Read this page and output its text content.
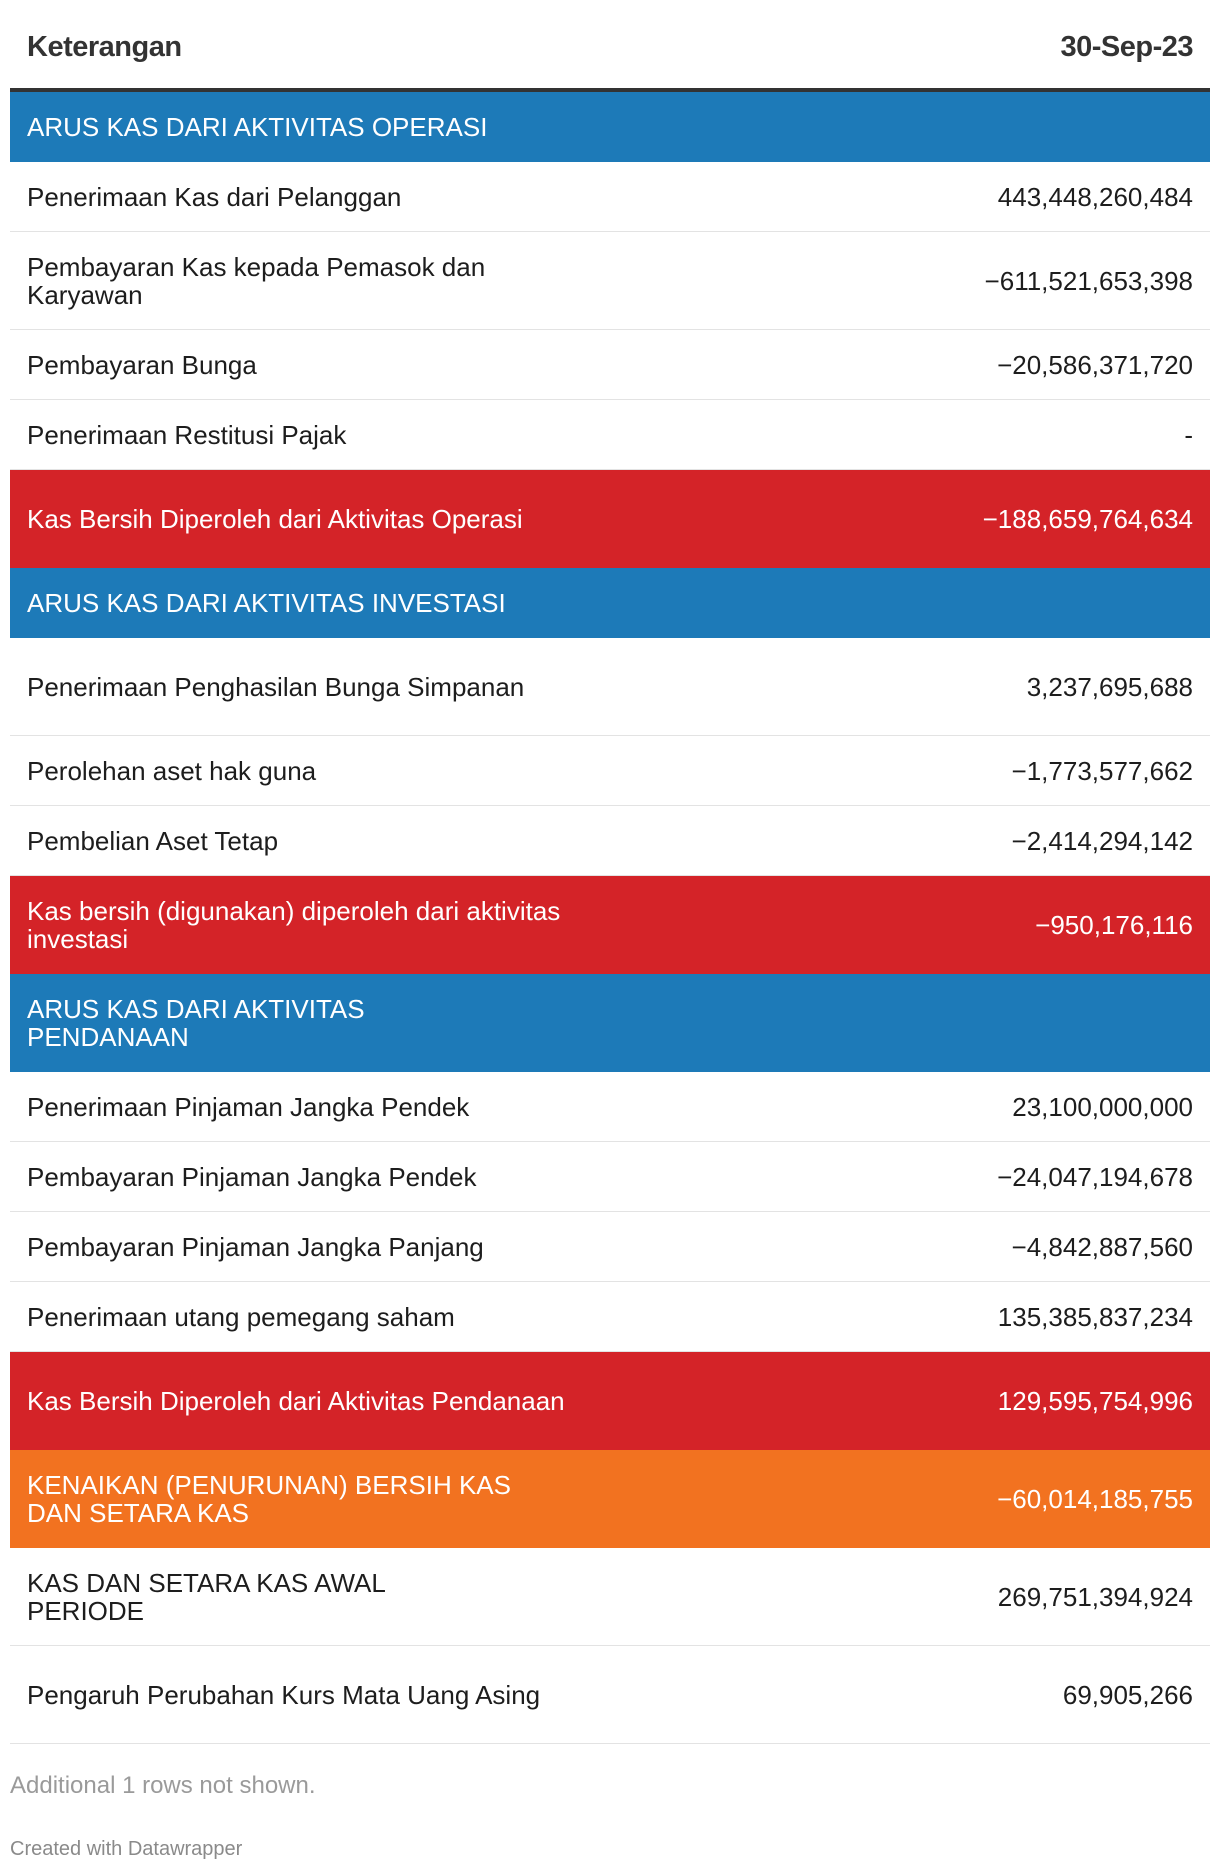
Keterangan	30-Sep-23
ARUS KAS DARI AKTIVITAS OPERASI
Penerimaan Kas dari Pelanggan	443,448,260,484
Pembayaran Kas kepada Pemasok dan Karyawan	−611,521,653,398
Pembayaran Bunga	−20,586,371,720
Penerimaan Restitusi Pajak	-
Kas Bersih Diperoleh dari Aktivitas Operasi	−188,659,764,634
ARUS KAS DARI AKTIVITAS INVESTASI
Penerimaan Penghasilan Bunga Simpanan	3,237,695,688
Perolehan aset hak guna	−1,773,577,662
Pembelian Aset Tetap	−2,414,294,142
Kas bersih (digunakan) diperoleh dari aktivitas investasi	−950,176,116
ARUS KAS DARI AKTIVITAS PENDANAAN
Penerimaan Pinjaman Jangka Pendek	23,100,000,000
Pembayaran Pinjaman Jangka Pendek	−24,047,194,678
Pembayaran Pinjaman Jangka Panjang	−4,842,887,560
Penerimaan utang pemegang saham	135,385,837,234
Kas Bersih Diperoleh dari Aktivitas Pendanaan	129,595,754,996
KENAIKAN (PENURUNAN) BERSIH KAS DAN SETARA KAS	−60,014,185,755
KAS DAN SETARA KAS AWAL PERIODE	269,751,394,924
Pengaruh Perubahan Kurs Mata Uang Asing	69,905,266
Additional 1 rows not shown.
Created with Datawrapper
